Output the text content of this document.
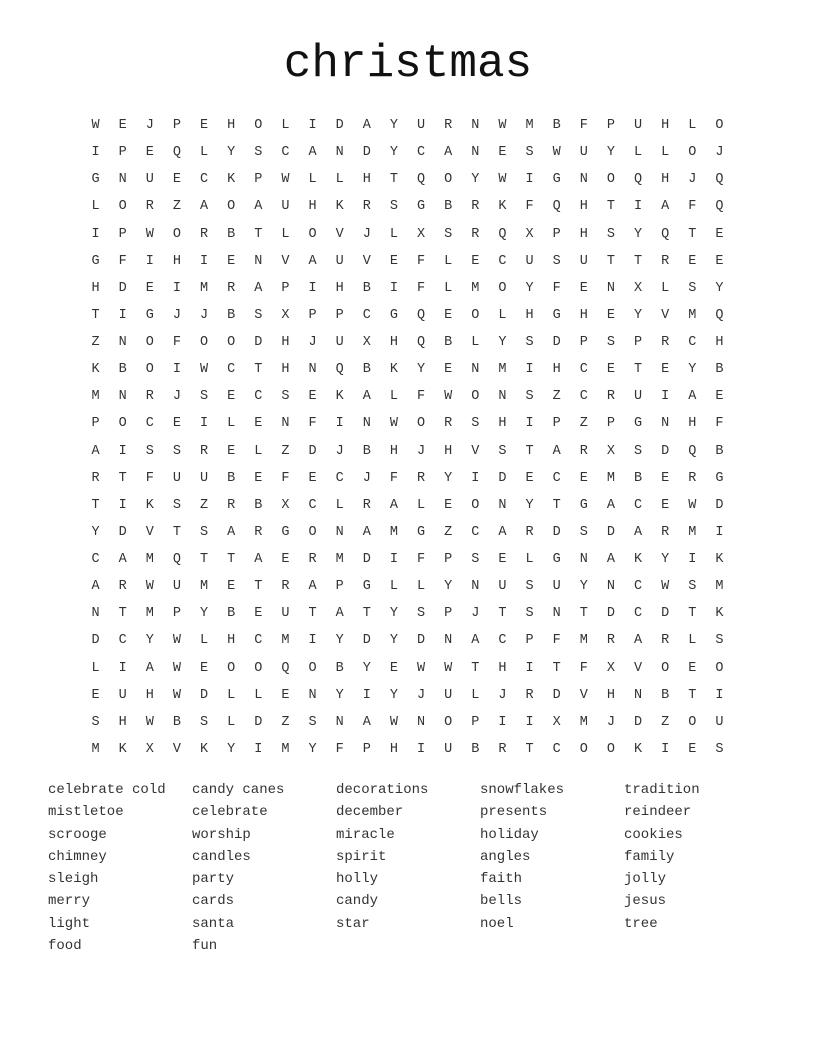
christmas
W	E	J	P	E	H	O	L	I	D	A	Y	U	R	N	W	M	B	F	P	U	H	L	O
I	P	E	Q	L	Y	S	C	A	N	D	Y	C	A	N	E	S	W	U	Y	L	L	O	J
G	N	U	E	C	K	P	W	L	L	H	T	Q	O	Y	W	I	G	N	O	Q	H	J	Q
L	O	R	Z	A	O	A	U	H	K	R	S	G	B	R	K	F	Q	H	T	I	A	F	Q
I	P	W	O	R	B	T	L	O	V	J	L	X	S	R	Q	X	P	H	S	Y	Q	T	E
G	F	I	H	I	E	N	V	A	U	V	E	F	L	E	C	U	S	U	T	T	R	E	E
H	D	E	I	M	R	A	P	I	H	B	I	F	L	M	O	Y	F	E	N	X	L	S	Y
T	I	G	J	J	B	S	X	P	P	C	G	Q	E	O	L	H	G	H	E	Y	V	M	Q
Z	N	O	F	O	O	D	H	J	U	X	H	Q	B	L	Y	S	D	P	S	P	R	C	H
K	B	O	I	W	C	T	H	N	Q	B	K	Y	E	N	M	I	H	C	E	T	E	Y	B
M	N	R	J	S	E	C	S	E	K	A	L	F	W	O	N	S	Z	C	R	U	I	A	E
P	O	C	E	I	L	E	N	F	I	N	W	O	R	S	H	I	P	Z	P	G	N	H	F
A	I	S	S	R	E	L	Z	D	J	B	H	J	H	V	S	T	A	R	X	S	D	Q	B
R	T	F	U	U	B	E	F	E	C	J	F	R	Y	I	D	E	C	E	M	B	E	R	G
T	I	K	S	Z	R	B	X	C	L	R	A	L	E	O	N	Y	T	G	A	C	E	W	D
Y	D	V	T	S	A	R	G	O	N	A	M	G	Z	C	A	R	D	S	D	A	R	M	I
C	A	M	Q	T	T	A	E	R	M	D	I	F	P	S	E	L	G	N	A	K	Y	I	K
A	R	W	U	M	E	T	R	A	P	G	L	L	Y	N	U	S	U	Y	N	C	W	S	M
N	T	M	P	Y	B	E	U	T	A	T	Y	S	P	J	T	S	N	T	D	C	D	T	K
D	C	Y	W	L	H	C	M	I	Y	D	Y	D	N	A	C	P	F	M	R	A	R	L	S
L	I	A	W	E	O	O	Q	O	B	Y	E	W	W	T	H	I	T	F	X	V	O	E	O
E	U	H	W	D	L	L	E	N	Y	I	Y	J	U	L	J	R	D	V	H	N	B	T	I
S	H	W	B	S	L	D	Z	S	N	A	W	N	O	P	I	I	X	M	J	D	Z	O	U
M	K	X	V	K	Y	I	M	Y	F	P	H	I	U	B	R	T	C	O	O	K	I	E	S
celebrate cold	candy canes	decorations	snowflakes	tradition
mistletoe	celebrate	december	presents	reindeer
scrooge	worship	miracle	holiday	cookies
chimney	candles	spirit	angles	family
sleigh	party	holly	faith	jolly
merry	cards	candy	bells	jesus
light	santa	star	noel	tree
food	fun
